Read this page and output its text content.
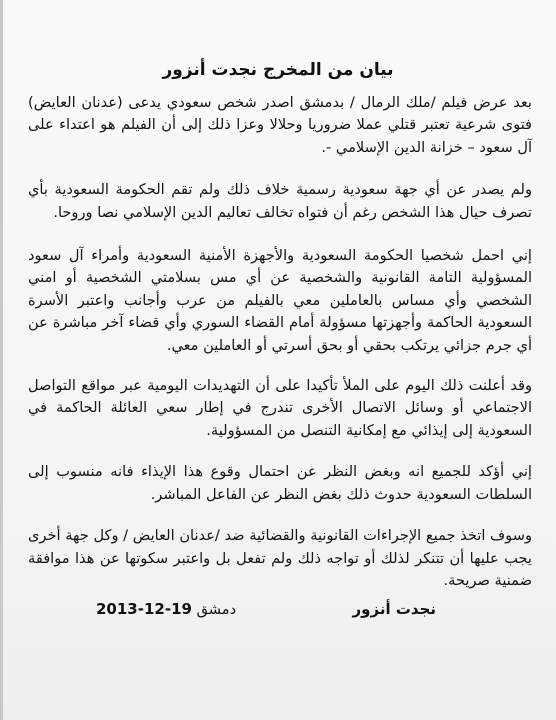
بيان من المخرج نجدت أنزور

بعد عرض فيلم /ملك الرمال / بدمشق اصدر شخص سعودي يدعى (عدنان العايض) فتوى شرعية تعتبر قتلي عملا ضروريا وحلالا وعزا ذلك إلى أن الفيلم هو اعتداء على آل سعود – خزانة الدين الإسلامي -.

ولم يصدر عن أي جهة سعودية رسمية خلاف ذلك ولم تقم الحكومة السعودية بأي تصرف حيال هذا الشخص رغم أن فتواه تخالف تعاليم الدين الإسلامي نصا وروحا.

إني احمل شخصيا الحكومة السعودية والأجهزة الأمنية السعودية وأمراء آل سعود المسؤولية التامة القانونية والشخصية عن أي مس بسلامتي الشخصية أو امني الشخصي وأي مساس بالعاملين معي بالفيلم من عرب وأجانب واعتبر الأسرة السعودية الحاكمة وأجهزتها مسؤولة أمام القضاء السوري وأي قضاء آخر مباشرة عن أي جرم جزائي يرتكب بحقي أو بحق أسرتي أو العاملين معي.

وقد أعلنت ذلك اليوم على الملأ تأكيدا على أن التهديدات اليومية عبر مواقع التواصل الاجتماعي أو وسائل الاتصال الأخرى تندرج في إطار سعي العائلة الحاكمة في السعودية إلى إيذائي مع إمكانية التنصل من المسؤولية.

إني أؤكد للجميع انه وبغض النظر عن احتمال وقوع هذا الإيذاء فانه منسوب إلى السلطات السعودية حدوث ذلك بغض النظر عن الفاعل المباشر.

وسوف اتخذ جميع الإجراءات القانونية والقضائية ضد /عدنان العايض / وكل جهة أخرى يجب عليها أن تتنكر لذلك أو تواجه ذلك ولم تفعل بل واعتبر سكوتها عن هذا موافقة ضمنية صريحة.

نجدت أنزور
دمشق 2013-12-19
